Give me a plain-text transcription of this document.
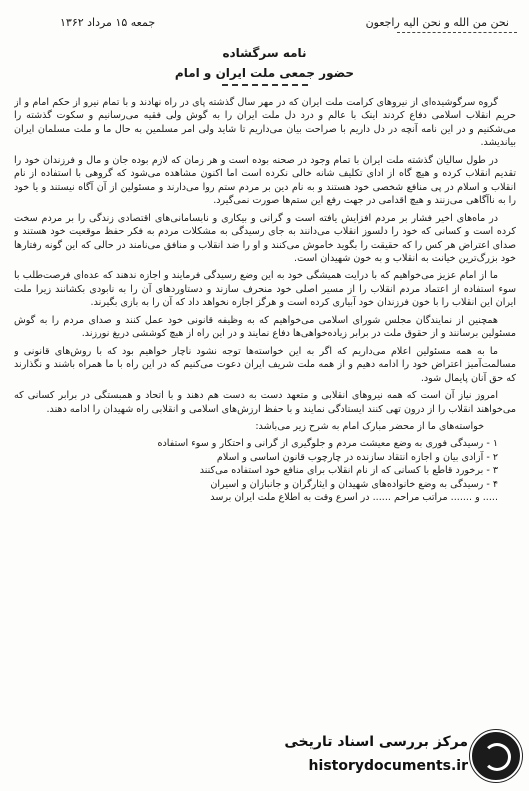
جمعه ۱۵ مرداد ۱۳۶۲	نحن من الله و نحن الیه راجعون
نامه سرگشاده
حضور جمعی ملت ایران و امام

گروه سرگوشیده‌ای از نیروهای کرامت ملت ایران که در مهر سال گذشته پای در راه نهادند و با تمام نیرو از حکم امام و از حریم انقلاب اسلامی دفاع کردند اینک با عالم و درد دل ملت ایران را به گوش ولی فقیه می‌رسانیم و سکوت گذشته را می‌شکنیم و در این نامه آنچه در دل داریم با صراحت بیان می‌داریم تا شاید ولی امر مسلمین به حال ما و ملت مسلمان ایران بیاندیشد.

در طول سالیان گذشته ملت ایران با تمام وجود در صحنه بوده است و هر زمان که لازم بوده جان و مال و فرزندان خود را تقدیم انقلاب کرده و هیچ گاه از ادای تکلیف شانه خالی نکرده است اما اکنون مشاهده می‌شود که گروهی با استفاده از نام انقلاب و اسلام در پی منافع شخصی خود هستند و به نام دین بر مردم ستم روا می‌دارند و مسئولین از آن آگاه نیستند و یا خود را به ناآگاهی می‌زنند و هیچ اقدامی در جهت رفع این ستم‌ها صورت نمی‌گیرد.

در ماه‌های اخیر فشار بر مردم افزایش یافته است و گرانی و بیکاری و نابسامانی‌های اقتصادی زندگی را بر مردم سخت کرده است و کسانی که خود را دلسوز انقلاب می‌دانند به جای رسیدگی به مشکلات مردم به فکر حفظ موقعیت خود هستند و صدای اعتراض هر کس را که حقیقت را بگوید خاموش می‌کنند و او را ضد انقلاب و منافق می‌نامند در حالی که این گونه رفتارها خود بزرگ‌ترین خیانت به انقلاب و به خون شهیدان است.

ما از امام عزیز می‌خواهیم که با درایت همیشگی خود به این وضع رسیدگی فرمایند و اجازه ندهند که عده‌ای فرصت‌طلب با سوء استفاده از اعتماد مردم انقلاب را از مسیر اصلی خود منحرف سازند و دستاوردهای آن را به نابودی بکشانند زیرا ملت ایران این انقلاب را با خون فرزندان خود آبیاری کرده است و هرگز اجازه نخواهد داد که آن را به بازی بگیرند.

همچنین از نمایندگان مجلس شورای اسلامی می‌خواهیم که به وظیفه قانونی خود عمل کنند و صدای مردم را به گوش مسئولین برسانند و از حقوق ملت در برابر زیاده‌خواهی‌ها دفاع نمایند و در این راه از هیچ کوششی دریغ نورزند.

ما به همه مسئولین اعلام می‌داریم که اگر به این خواسته‌ها توجه نشود ناچار خواهیم بود که با روش‌های قانونی و مسالمت‌آمیز اعتراض خود را ادامه دهیم و از همه ملت شریف ایران دعوت می‌کنیم که در این راه با ما همراه باشند و نگذارند که حق آنان پایمال شود.

امروز نیاز آن است که همه نیروهای انقلابی و متعهد دست به دست هم دهند و با اتحاد و همبستگی در برابر کسانی که می‌خواهند انقلاب را از درون تهی کنند ایستادگی نمایند و با حفظ ارزش‌های اسلامی و انقلابی راه شهیدان را ادامه دهند.

خواسته‌های ما از محضر مبارک امام به شرح زیر می‌باشد:

۱ - رسیدگی فوری به وضع معیشت مردم و جلوگیری از گرانی و احتکار و سوء استفاده

۲ - آزادی بیان و اجازه انتقاد سازنده در چارچوب قانون اساسی و اسلام

۳ - برخورد قاطع با کسانی که از نام انقلاب برای منافع خود استفاده می‌کنند

۴ - رسیدگی به وضع خانواده‌های شهیدان و ایثارگران و جانبازان و اسیران

..... و ....... مراتب مراحم ...... در اسرع وقت به اطلاع ملت ایران برسد

مرکز بررسی اسناد تاریخی
historydocuments.ir
